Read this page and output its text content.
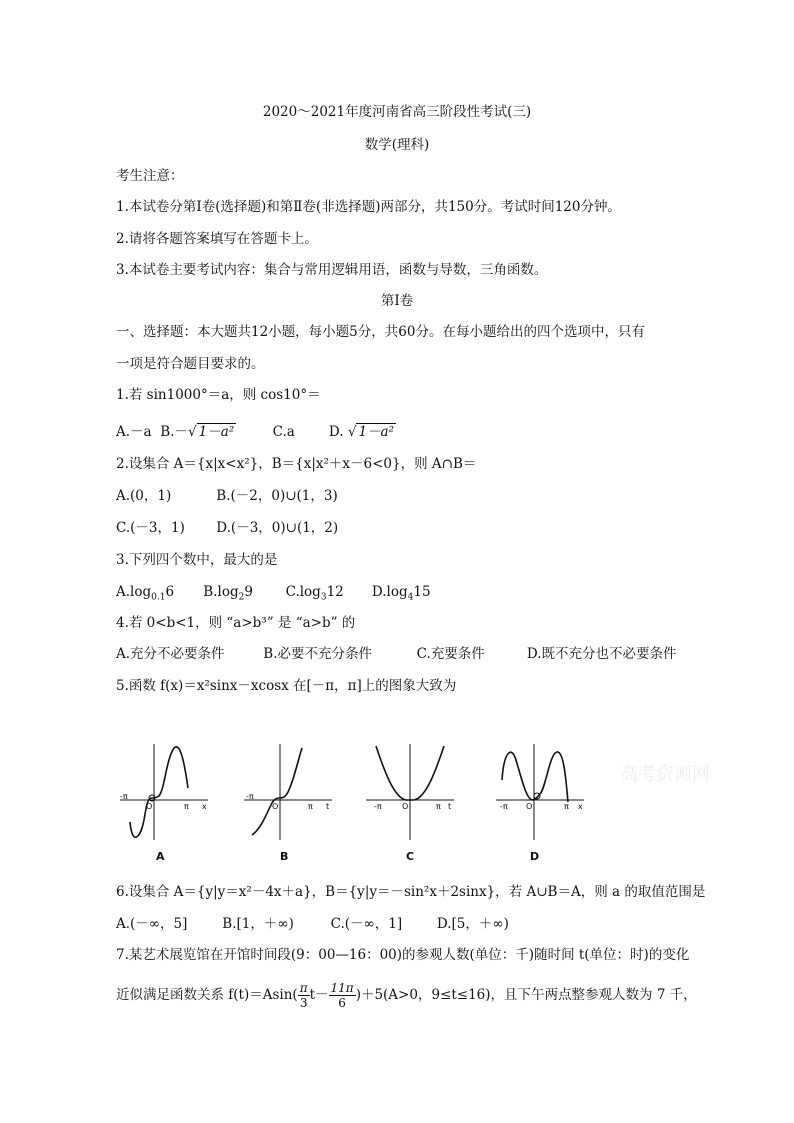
2020～2021年度河南省高三阶段性考试(三)
数学(理科)
考生注意：
1.本试卷分第Ⅰ卷(选择题)和第Ⅱ卷(非选择题)两部分，共150分。考试时间120分钟。
2.请将各题答案填写在答题卡上。
3.本试卷主要考试内容：集合与常用逻辑用语，函数与导数，三角函数。
第Ⅰ卷
一、选择题：本大题共12小题，每小题5分，共60分。在每小题给出的四个选项中，只有
一项是符合题目要求的。
1.若 sin1000°＝a，则 cos10°＝
A.－a B.－√ 1－a²	C.a	D. √ 1－a²
2.设集合 A＝{x|x<x²}，B＝{x|x²＋x－6<0}，则 A∩B＝
A.(0，1)	B.(－2，0)∪(1，3)
C.(－3，1) D.(－3，0)∪(1，2)
3.下列四个数中，最大的是
$A.\log_{0.1}6$ $B.\log_29$ $C.\log_312$ $D.\log_415$
4.若 0<b<1，则 “a>b³” 是 “a>b” 的
A.充分不必要条件	B.必要不充分条件	C.充要条件	D.既不充分也不必要条件
5.函数 f(x)＝x²sinx－xcosx 在[－π，π]上的图象大致为
-π
π x
O
A
-π
π t
O
B
-π	π t
O
C
-π	π x
O
D
高考资源网
6.设集合 A＝{y|y＝x²－4x＋a}，B＝{y|y＝－sin²x＋2sinx}，若 A∪B＝A，则 a 的取值范围是
A.(－∞，5]	B.[1，＋∞)	C.(－∞，1]	D.[5，＋∞)
7.某艺术展览馆在开馆时间段(9：00—16：00)的参观人数(单位：千)随时间 t(单位：时)的变化
近似满足函数关系 $f(t)=Asin( \frac{\pi}{3} t- \frac{11\pi}{6} )+5(A>0$，9≤t≤16)，且下午两点整参观人数为 7 千，
